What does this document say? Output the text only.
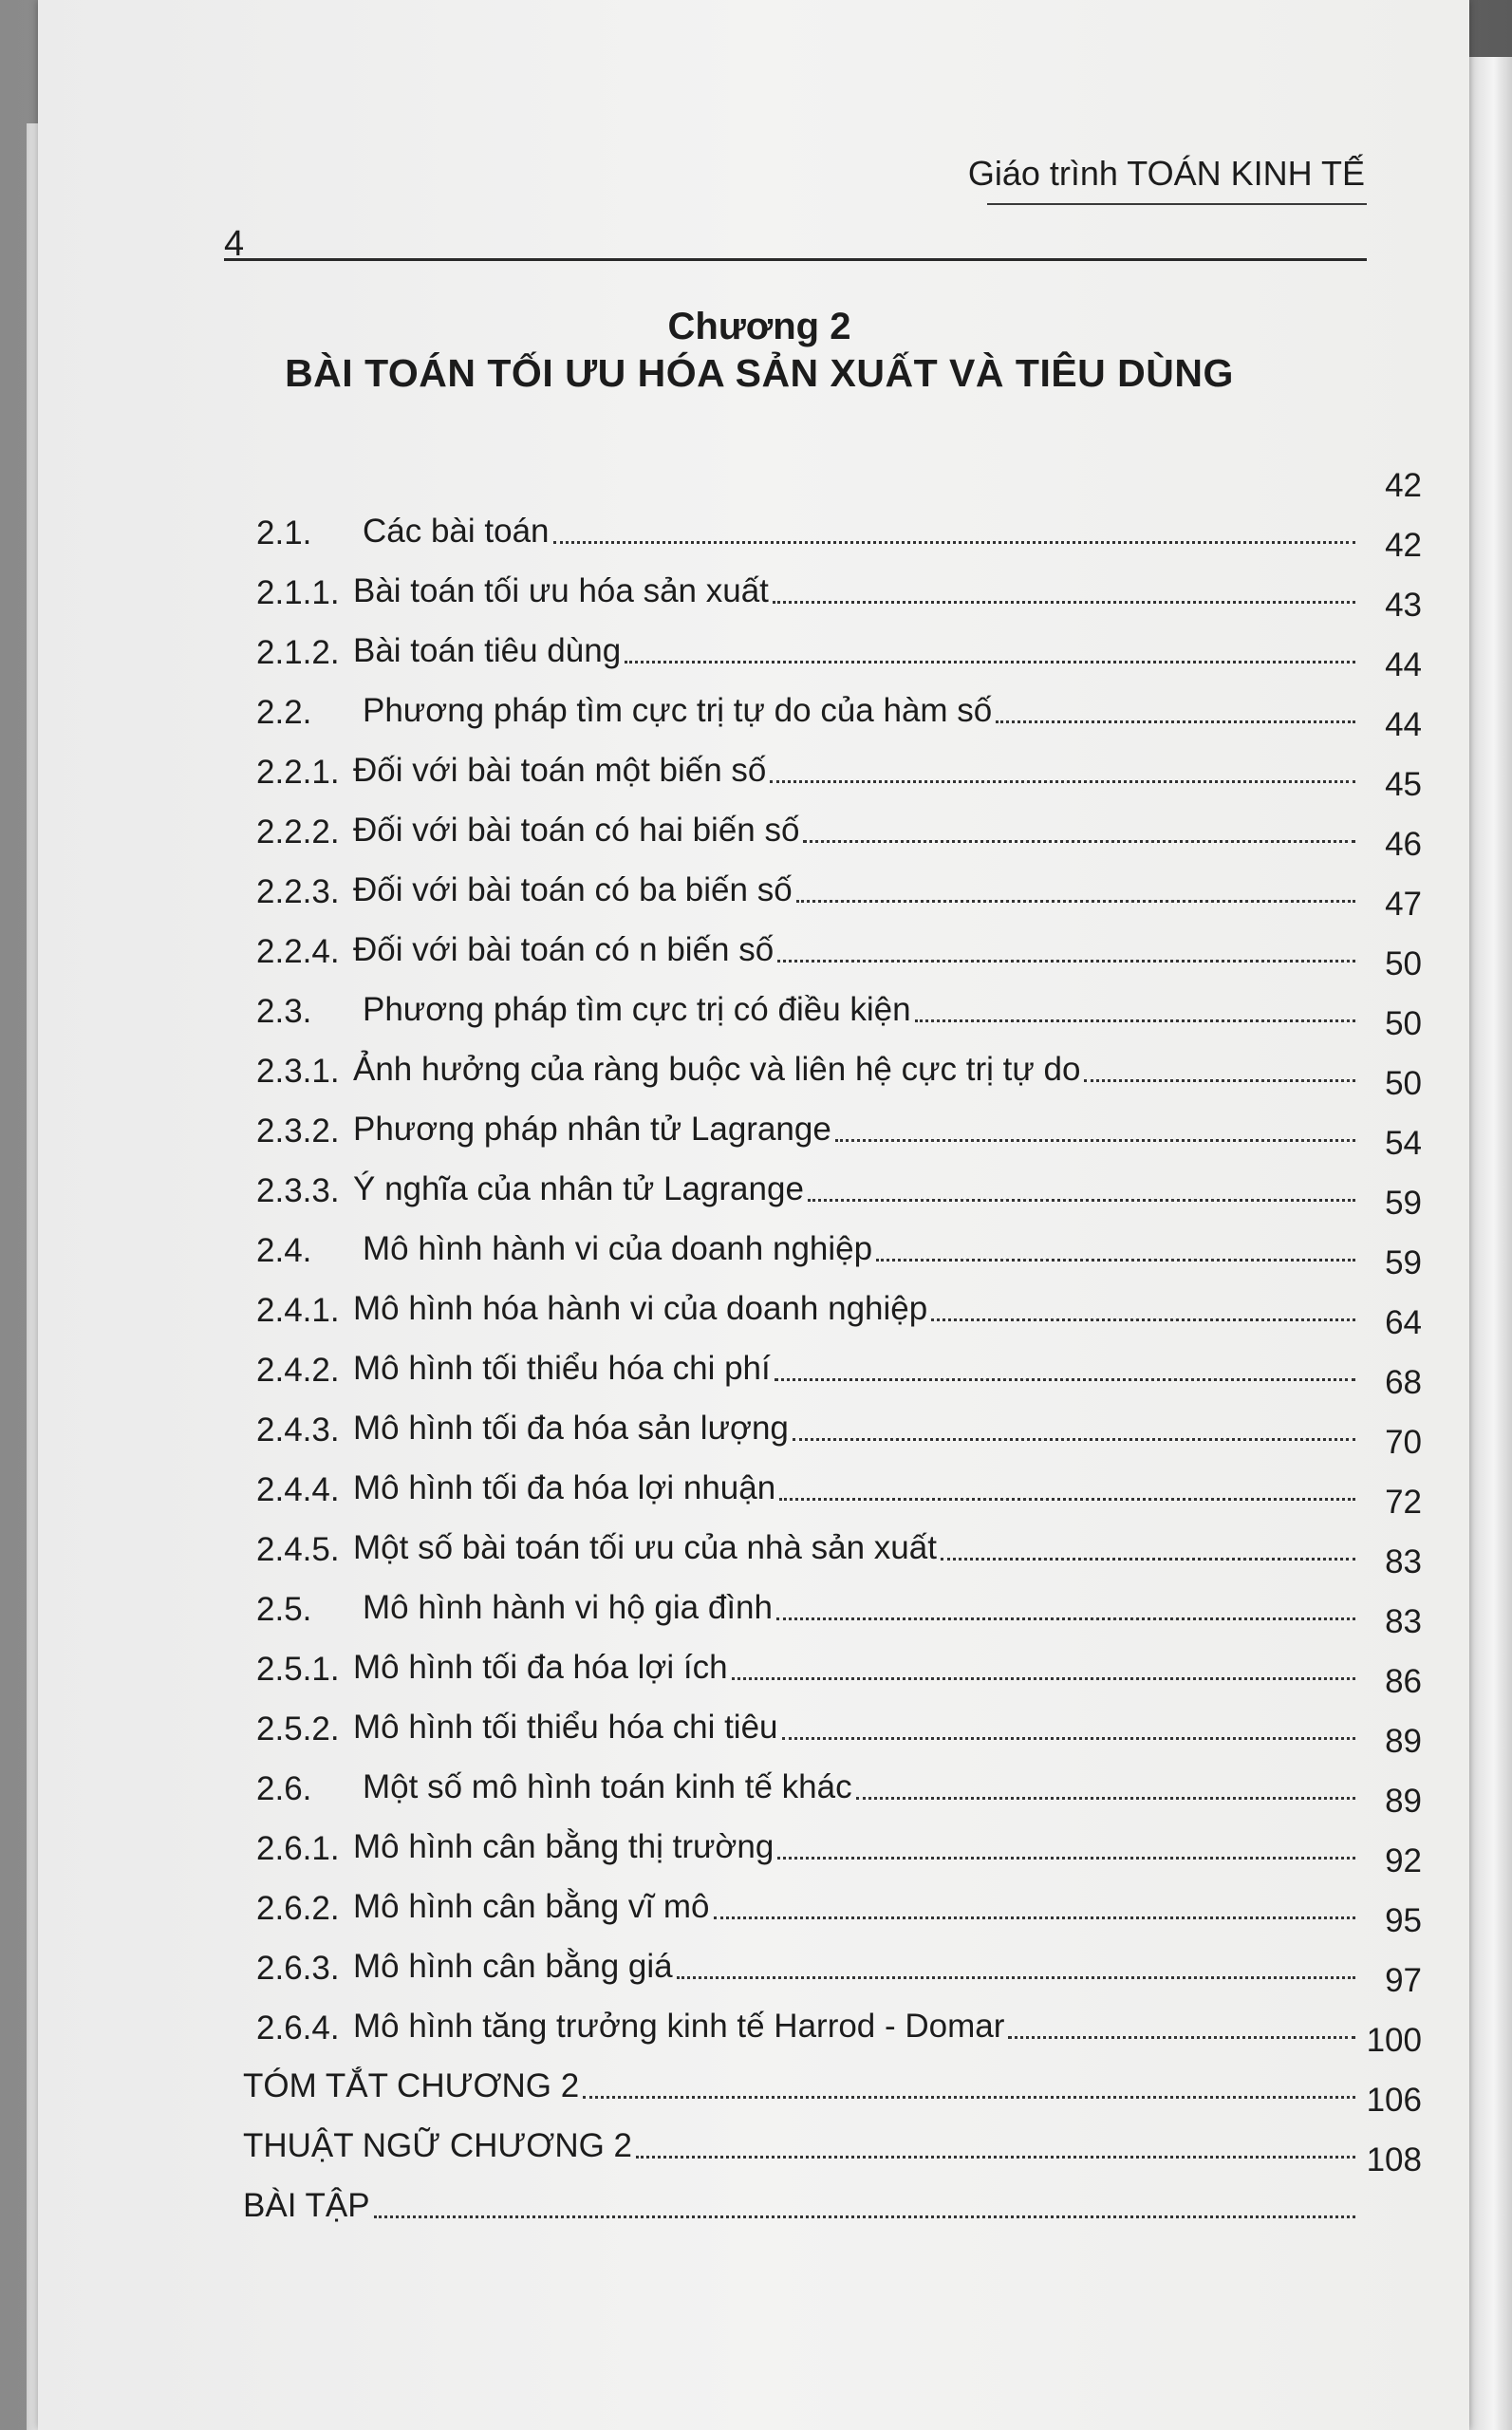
Giáo trình TOÁN KINH TẾ
4
Chương 2
BÀI TOÁN TỐI ƯU HÓA SẢN XUẤT VÀ TIÊU DÙNG
2.1. Các bài toán
42
2.1.1. Bài toán tối ưu hóa sản xuất
42
2.1.2. Bài toán tiêu dùng
43
2.2. Phương pháp tìm cực trị tự do của hàm số
44
2.2.1. Đối với bài toán một biến số
44
2.2.2. Đối với bài toán có hai biến số
45
2.2.3. Đối với bài toán có ba biến số
46
2.2.4. Đối với bài toán có n biến số
47
2.3. Phương pháp tìm cực trị có điều kiện
50
2.3.1. Ảnh hưởng của ràng buộc và liên hệ cực trị tự do
50
2.3.2. Phương pháp nhân tử Lagrange
50
2.3.3. Ý nghĩa của nhân tử Lagrange
54
2.4. Mô hình hành vi của doanh nghiệp
59
2.4.1. Mô hình hóa hành vi của doanh nghiệp
59
2.4.2. Mô hình tối thiểu hóa chi phí
64
2.4.3. Mô hình tối đa hóa sản lượng
68
2.4.4. Mô hình tối đa hóa lợi nhuận
70
2.4.5. Một số bài toán tối ưu của nhà sản xuất
72
2.5. Mô hình hành vi hộ gia đình
83
2.5.1. Mô hình tối đa hóa lợi ích
83
2.5.2. Mô hình tối thiểu hóa chi tiêu
86
2.6. Một số mô hình toán kinh tế khác
89
2.6.1. Mô hình cân bằng thị trường
89
2.6.2. Mô hình cân bằng vĩ mô
92
2.6.3. Mô hình cân bằng giá
95
2.6.4. Mô hình tăng trưởng kinh tế Harrod - Domar
97
TÓM TẮT CHƯƠNG 2
100
THUẬT NGỮ CHƯƠNG 2
106
BÀI TẬP
108
